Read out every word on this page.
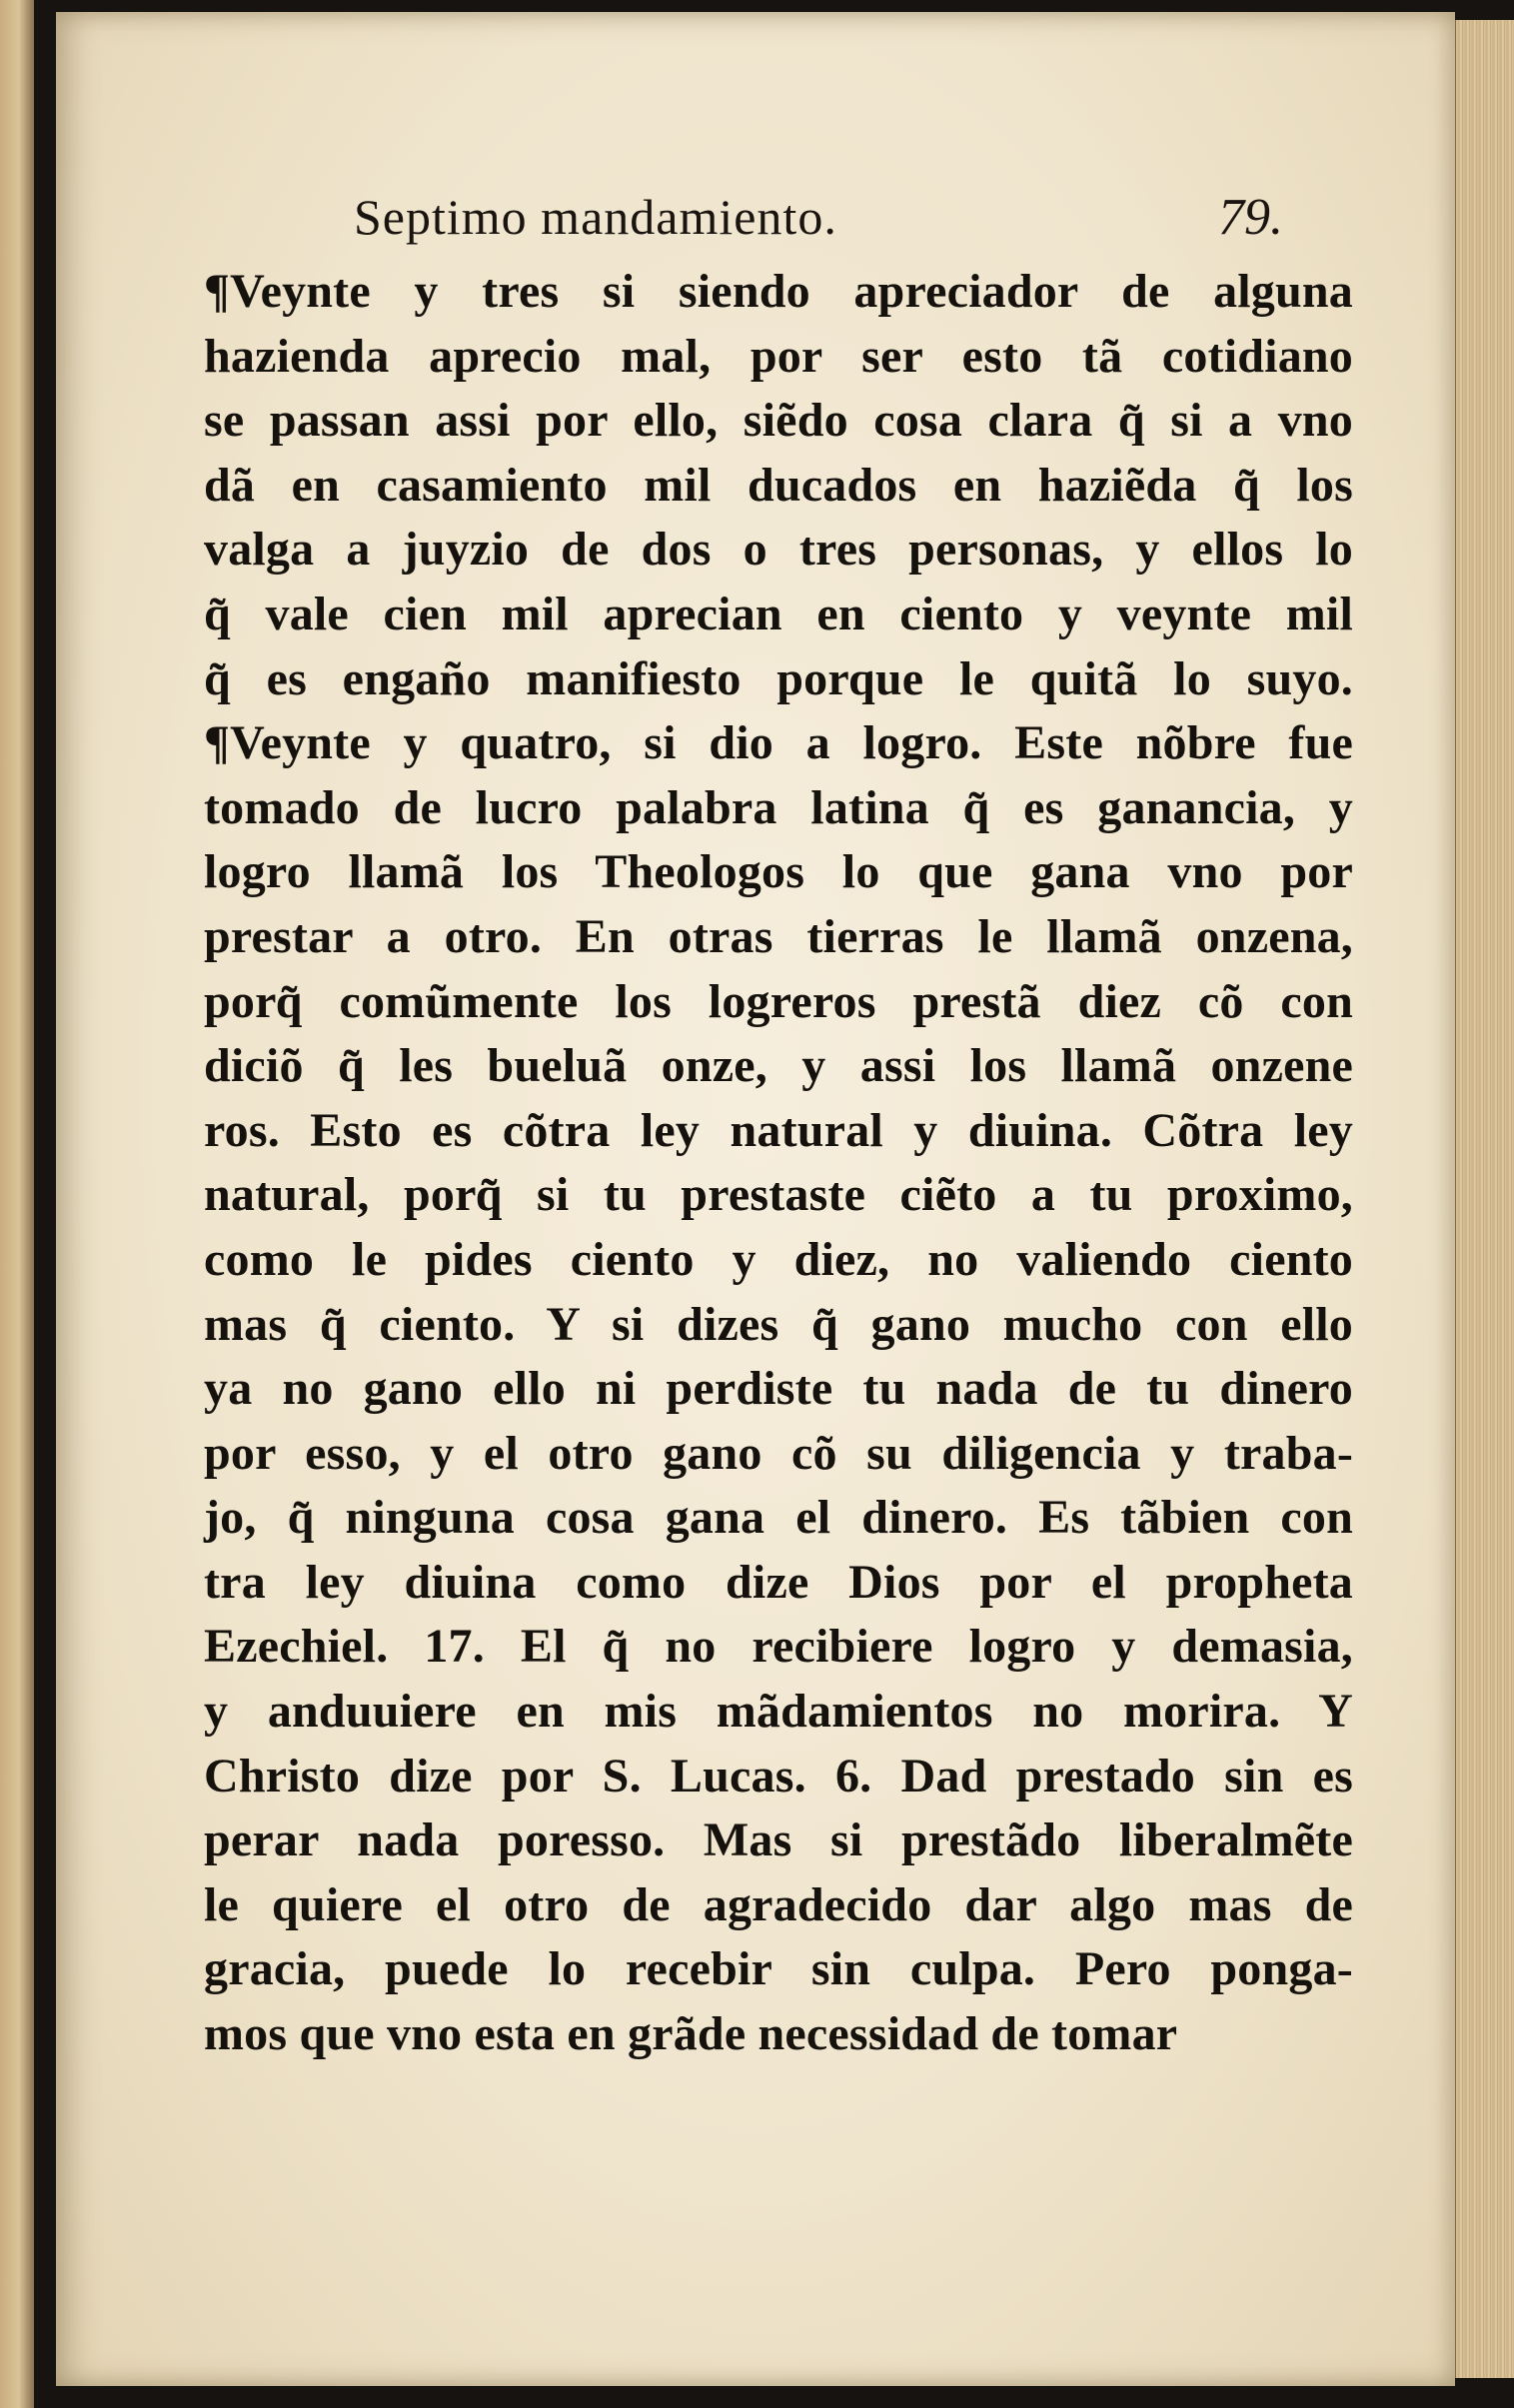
Septimo mandamiento.	79.
¶Veynte y tres si siendo apreciador de alguna
hazienda aprecio mal, por ser esto tã cotidiano
se passan assi por ello, siẽdo cosa clara q̃ si a vno
dã en casamiento mil ducados en haziẽda q̃ los
valga a juyzio de dos o tres personas, y ellos lo
q̃ vale cien mil aprecian en ciento y veynte mil
q̃ es engaño manifiesto porque le quitã lo suyo.
¶Veynte y quatro, si dio a logro. Este nõbre fue
tomado de lucro palabra latina q̃ es ganancia, y
logro llamã los Theologos lo que gana vno por
prestar a otro. En otras tierras le llamã onzena,
porq̃ comũmente los logreros prestã diez cõ con
diciõ q̃ les bueluã onze, y assi los llamã onzene
ros. Esto es cõtra ley natural y diuina. Cõtra ley
natural, porq̃ si tu prestaste ciẽto a tu proximo,
como le pides ciento y diez, no valiendo ciento
mas q̃ ciento. Y si dizes q̃ gano mucho con ello
ya no gano ello ni perdiste tu nada de tu dinero
por esso, y el otro gano cõ su diligencia y traba-
jo, q̃ ninguna cosa gana el dinero. Es tãbien con
tra ley diuina como dize Dios por el propheta
Ezechiel. 17. El q̃ no recibiere logro y demasia,
y anduuiere en mis mãdamientos no morira. Y
Christo dize por S. Lucas. 6. Dad prestado sin es
perar nada poresso. Mas si prestãdo liberalmẽte
le quiere el otro de agradecido dar algo mas de
gracia, puede lo recebir sin culpa. Pero ponga-
mos que vno esta en grãde necessidad de tomar
